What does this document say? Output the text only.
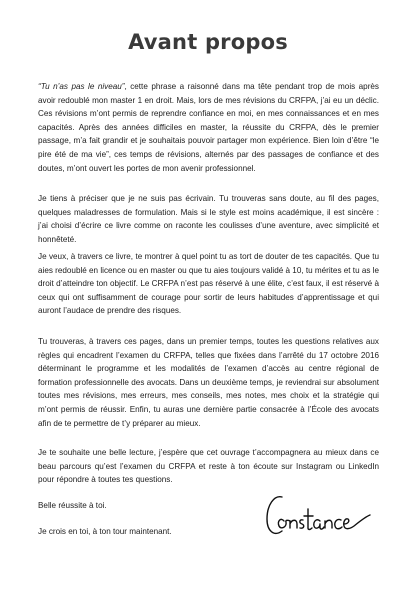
Avant propos

“Tu n’as pas le niveau”, cette phrase a raisonné dans ma tête pendant trop de mois après avoir redoublé mon master 1 en droit. Mais, lors de mes révisions du CRFPA, j’ai eu un déclic. Ces révisions m’ont permis de reprendre confiance en moi, en mes connaissances et en mes capacités. Après des années difficiles en master, la réussite du CRFPA, dès le premier passage, m’a fait grandir et je souhaitais pouvoir partager mon expérience. Bien loin d’être “le pire été de ma vie”, ces temps de révisions, alternés par des passages de confiance et des doutes, m’ont ouvert les portes de mon avenir professionnel.

Je tiens à préciser que je ne suis pas écrivain. Tu trouveras sans doute, au fil des pages, quelques maladresses de formulation. Mais si le style est moins académique, il est sincère : j’ai choisi d’écrire ce livre comme on raconte les coulisses d’une aventure, avec simplicité et honnêteté.

Je veux, à travers ce livre, te montrer à quel point tu as tort de douter de tes capacités. Que tu aies redoublé en licence ou en master ou que tu aies toujours validé à 10, tu mérites et tu as le droit d’atteindre ton objectif. Le CRFPA n’est pas réservé à une élite, c’est faux, il est réservé à ceux qui ont suffisamment de courage pour sortir de leurs habitudes d’apprentissage et qui auront l’audace de prendre des risques.

Tu trouveras, à travers ces pages, dans un premier temps, toutes les questions relatives aux règles qui encadrent l’examen du CRFPA, telles que fixées dans l’arrêté du 17 octobre 2016 déterminant le programme et les modalités de l’examen d’accès au centre régional de formation professionnelle des avocats. Dans un deuxième temps, je reviendrai sur absolument toutes mes révisions, mes erreurs, mes conseils, mes notes, mes choix et la stratégie qui m’ont permis de réussir. Enfin, tu auras une dernière partie consacrée à l’École des avocats afin de te permettre de t’y préparer au mieux.

Je te souhaite une belle lecture, j’espère que cet ouvrage t’accompagnera au mieux dans ce beau parcours qu’est l’examen du CRFPA et reste à ton écoute sur Instagram ou LinkedIn pour répondre à toutes tes questions.

Belle réussite à toi.

Je crois en toi, à ton tour maintenant.
